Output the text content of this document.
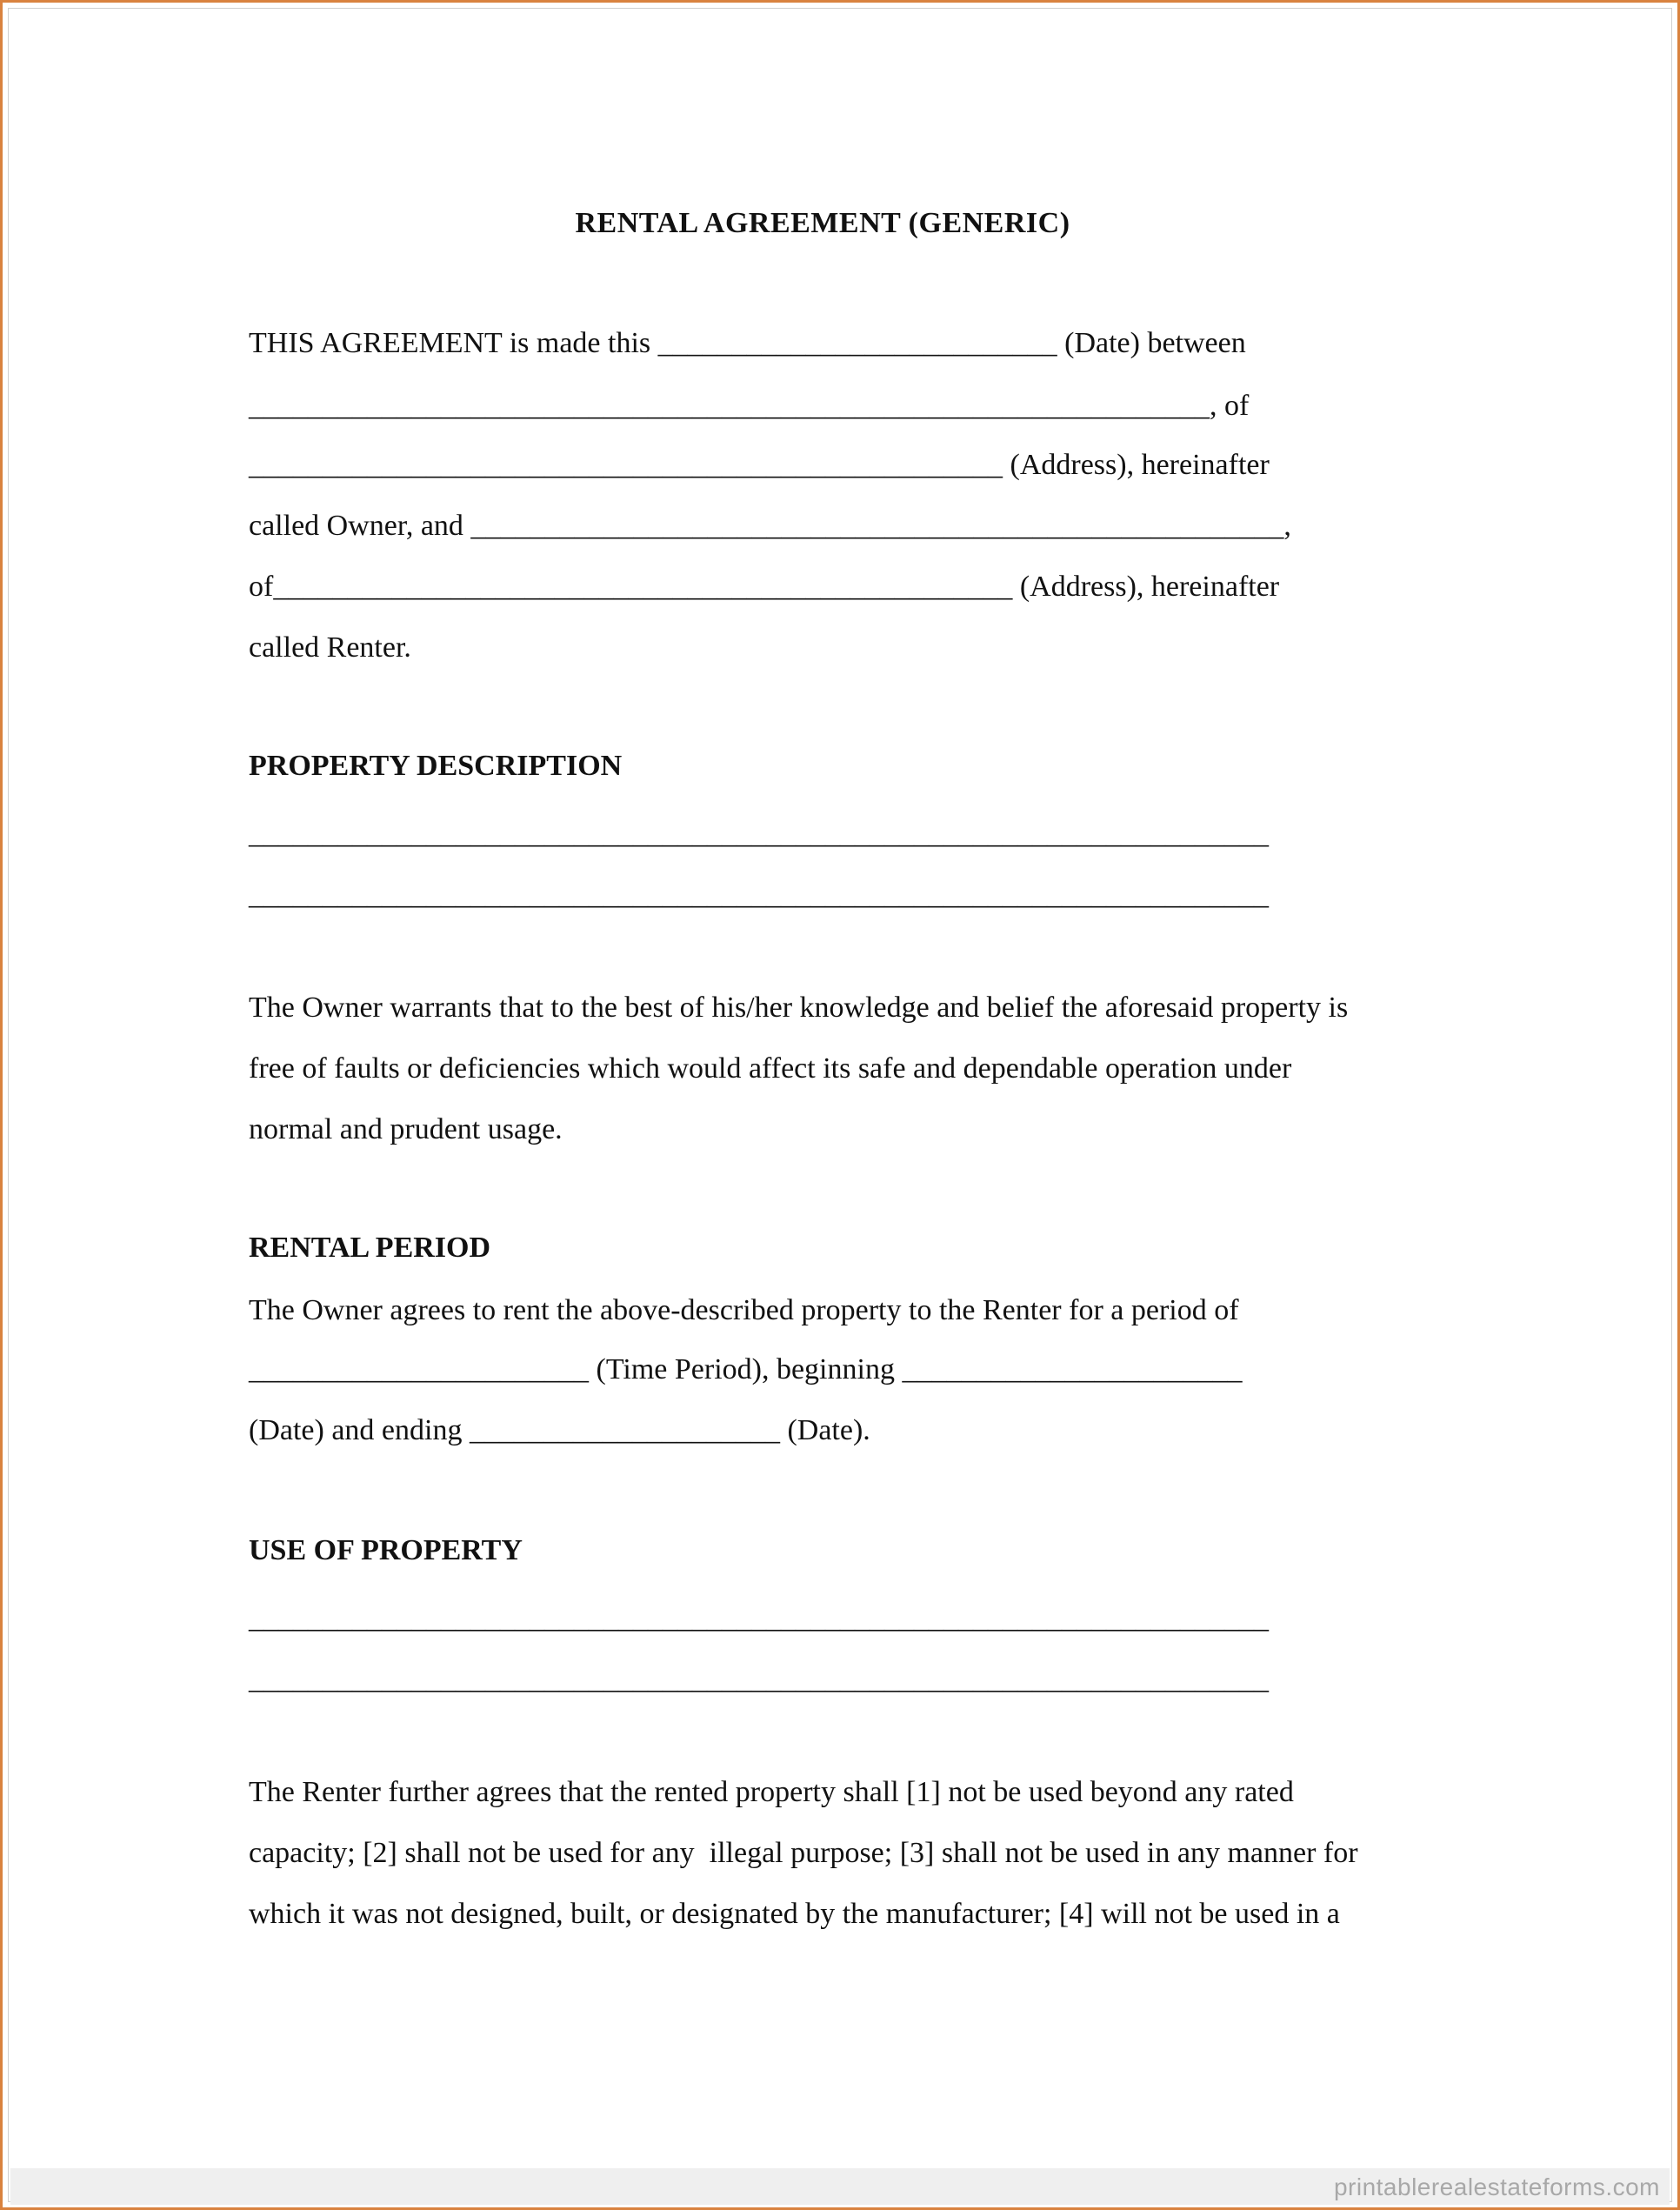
RENTAL AGREEMENT (GENERIC)

THIS AGREEMENT is made this ___________________________ (Date) between

_________________________________________________________________, of

___________________________________________________ (Address), hereinafter

called Owner, and _______________________________________________________,

of__________________________________________________ (Address), hereinafter

called Renter.

PROPERTY DESCRIPTION

_____________________________________________________________________

_____________________________________________________________________

The Owner warrants that to the best of his/her knowledge and belief the aforesaid property is

free of faults or deficiencies which would affect its safe and dependable operation under

normal and prudent usage.

RENTAL PERIOD

The Owner agrees to rent the above-described property to the Renter for a period of

_______________________ (Time Period), beginning _______________________

(Date) and ending _____________________ (Date).

USE OF PROPERTY

_____________________________________________________________________

_____________________________________________________________________

The Renter further agrees that the rented property shall [1] not be used beyond any rated

capacity; [2] shall not be used for any  illegal purpose; [3] shall not be used in any manner for

which it was not designed, built, or designated by the manufacturer; [4] will not be used in a

printablerealestateforms.com
